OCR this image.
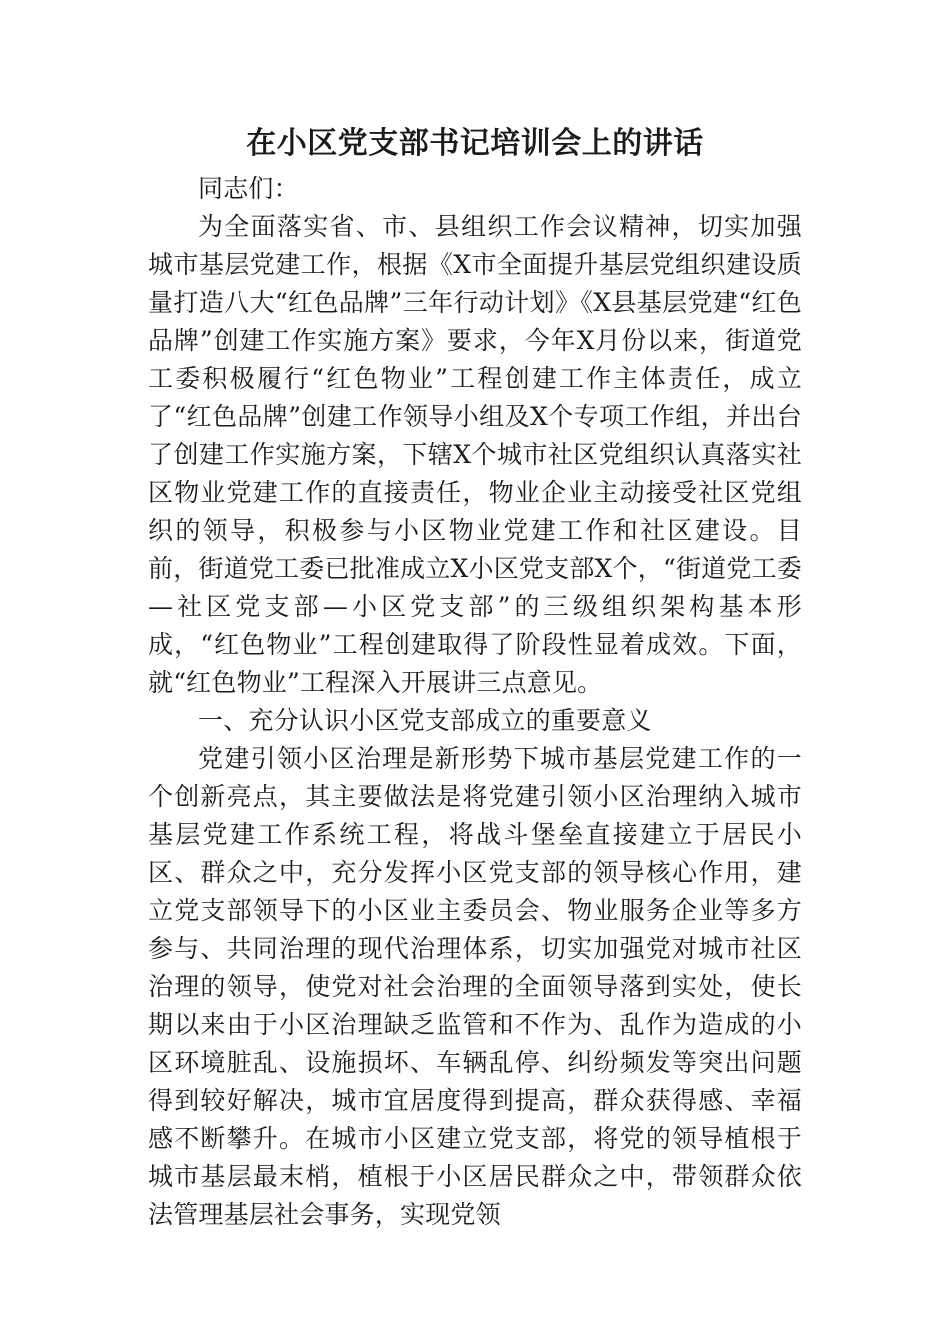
在小区党支部书记培训会上的讲话

同志们：

为全面落实省、市、县组织工作会议精神，切实加强城市基层党建工作，根据《X市全面提升基层党组织建设质量打造八大“红色品牌”三年行动计划》《X县基层党建“红色品牌”创建工作实施方案》要求，今年X月份以来，街道党工委积极履行“红色物业”工程创建工作主体责任，成立了“红色品牌”创建工作领导小组及X个专项工作组，并出台了创建工作实施方案，下辖X个城市社区党组织认真落实社区物业党建工作的直接责任，物业企业主动接受社区党组织的领导，积极参与小区物业党建工作和社区建设。目前，街道党工委已批准成立X小区党支部X个，“街道党工委—社区党支部—小区党支部”的三级组织架构基本形成，“红色物业”工程创建取得了阶段性显着成效。下面，就“红色物业”工程深入开展讲三点意见。

一、充分认识小区党支部成立的重要意义

党建引领小区治理是新形势下城市基层党建工作的一个创新亮点，其主要做法是将党建引领小区治理纳入城市基层党建工作系统工程，将战斗堡垒直接建立于居民小区、群众之中，充分发挥小区党支部的领导核心作用，建立党支部领导下的小区业主委员会、物业服务企业等多方参与、共同治理的现代治理体系，切实加强党对城市社区治理的领导，使党对社会治理的全面领导落到实处，使长期以来由于小区治理缺乏监管和不作为、乱作为造成的小区环境脏乱、设施损坏、车辆乱停、纠纷频发等突出问题得到较好解决，城市宜居度得到提高，群众获得感、幸福感不断攀升。在城市小区建立党支部，将党的领导植根于城市基层最末梢，植根于小区居民群众之中，带领群众依法管理基层社会事务，实现党领
